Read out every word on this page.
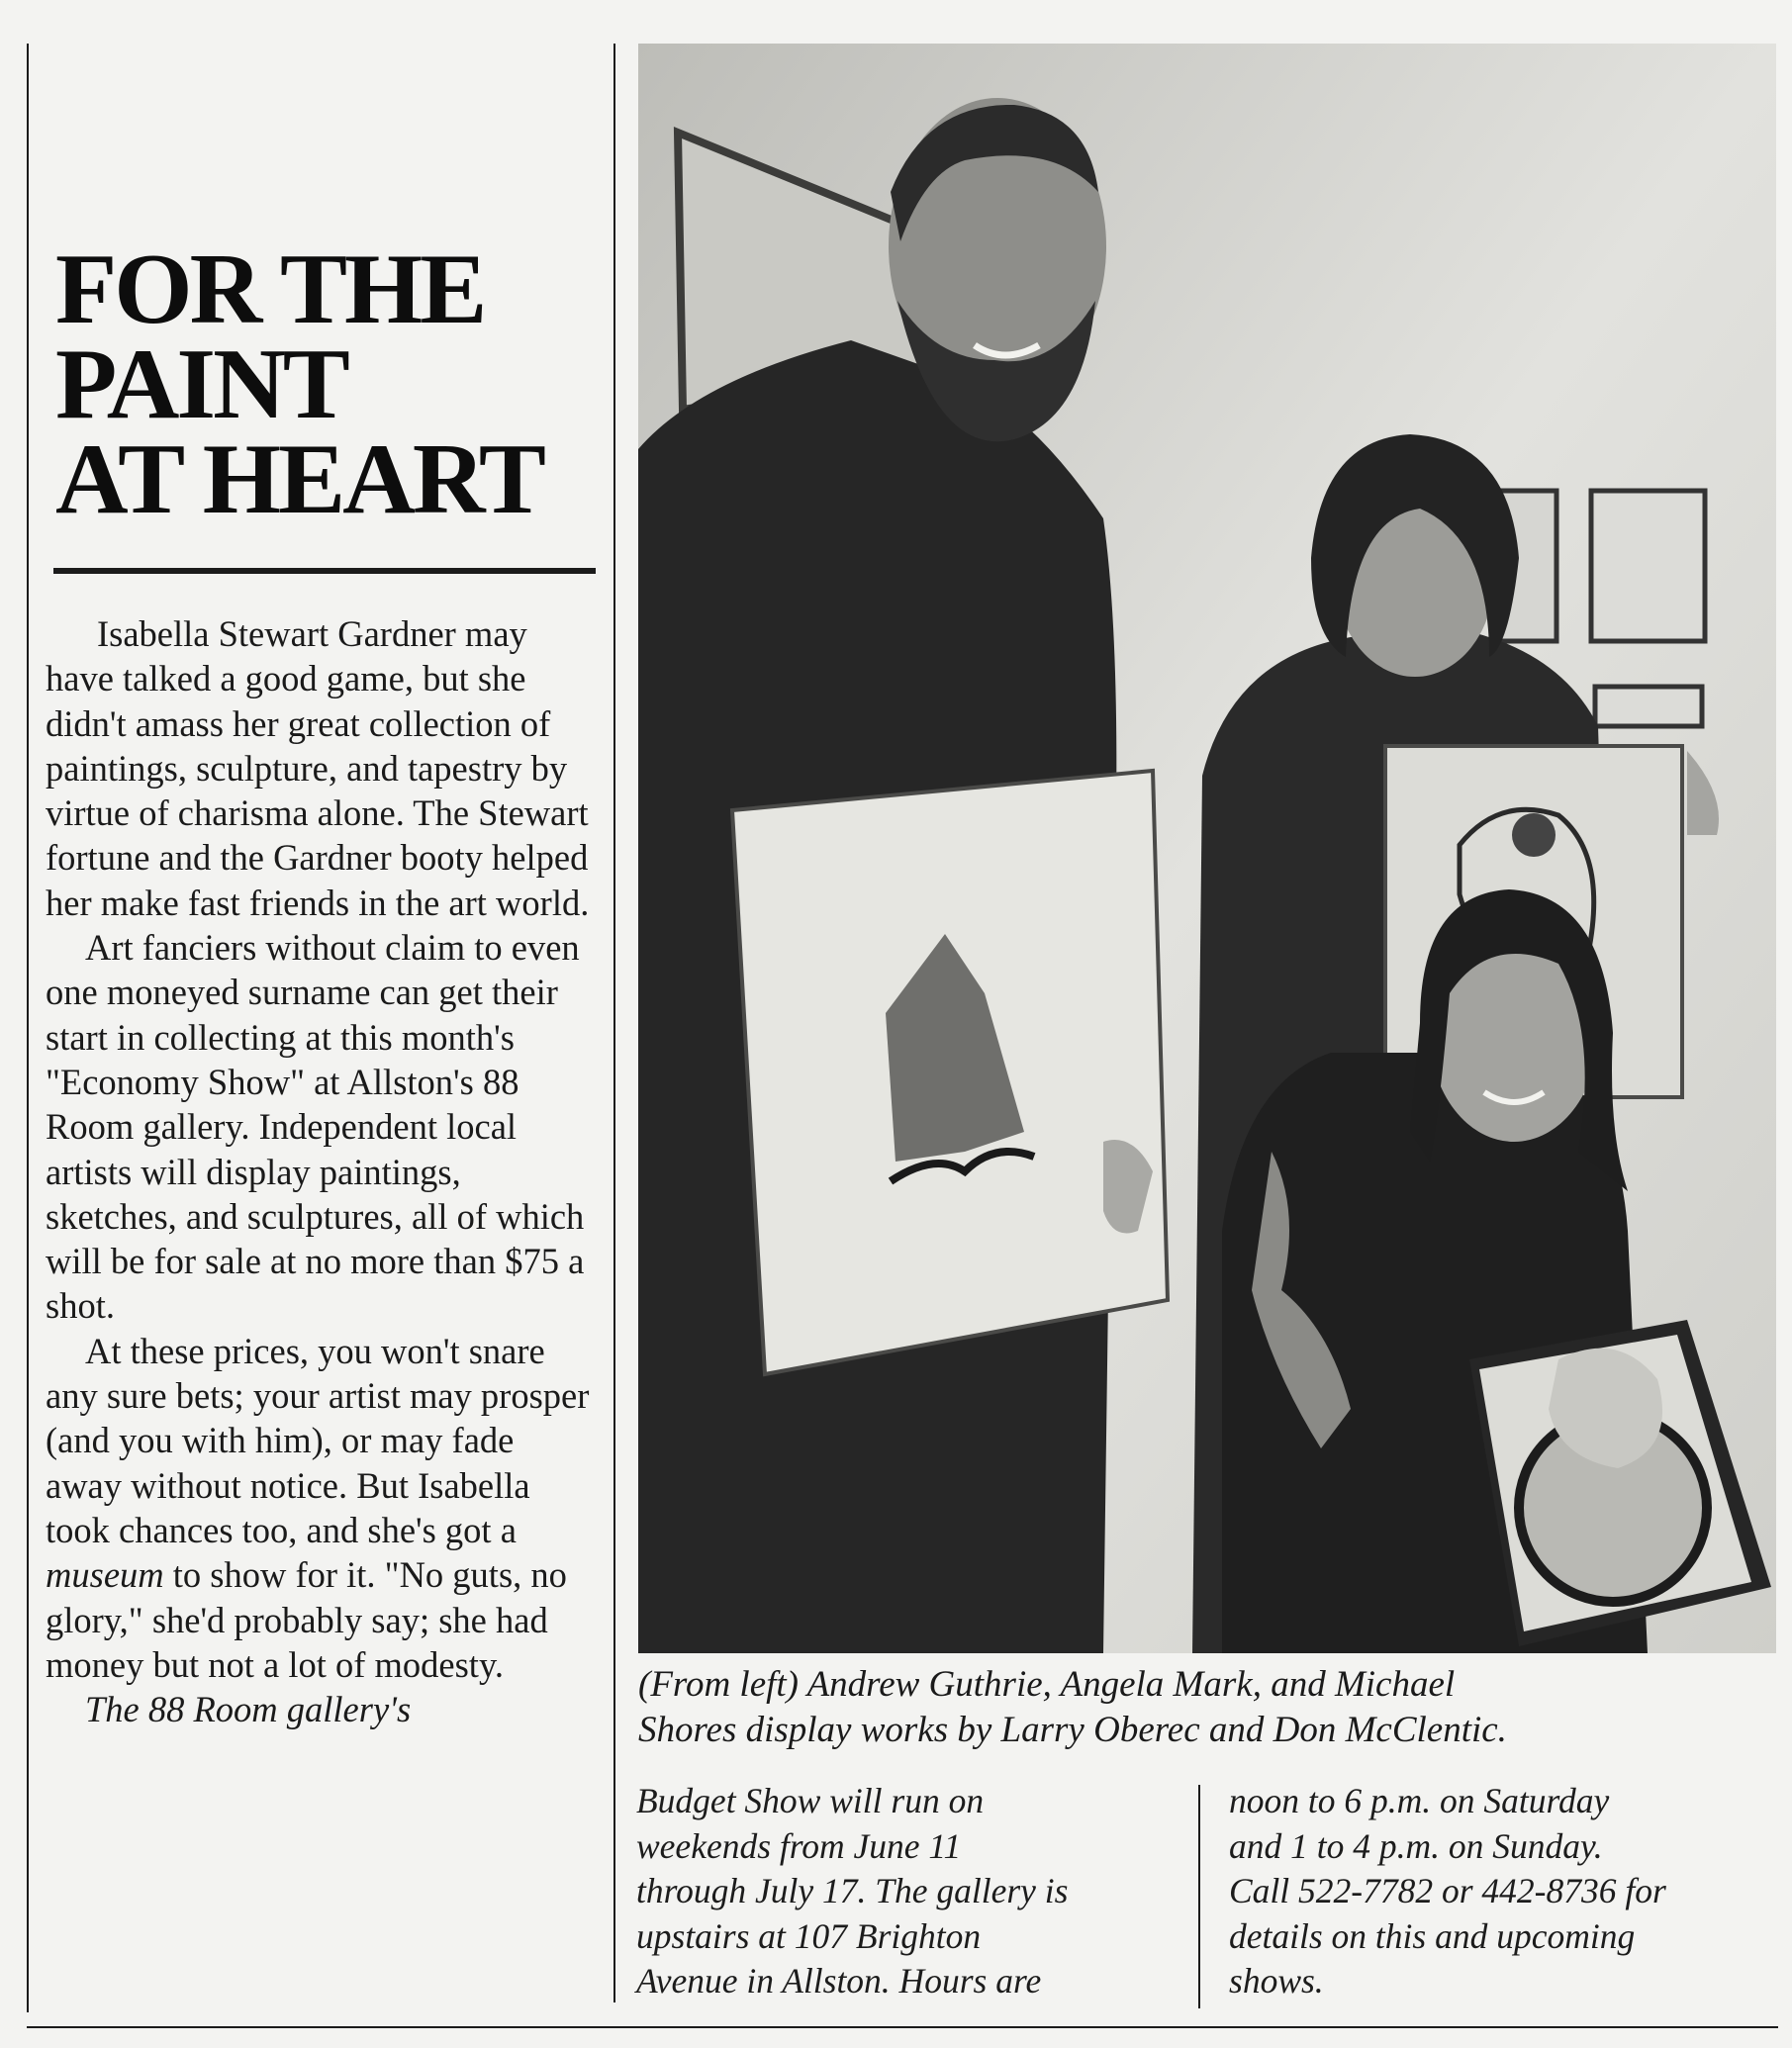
FOR THE
PAINT
AT HEART

Isabella Stewart Gardner may have talked a good game, but she didn't amass her great collection of paintings, sculpture, and tapestry by virtue of charisma alone. The Stewart fortune and the Gardner booty helped her make fast friends in the art world.

Art fanciers without claim to even one moneyed surname can get their start in collecting at this month's "Economy Show" at Allston's 88 Room gallery. Independent local artists will display paintings, sketches, and sculptures, all of which will be for sale at no more than $75 a shot.

At these prices, you won't snare any sure bets; your artist may prosper (and you with him), or may fade away without notice. But Isabella took chances too, and she's got a museum to show for it. "No guts, no glory," she'd probably say; she had money but not a lot of modesty.

The 88 Room gallery's

(From left) Andrew Guthrie, Angela Mark, and Michael
Shores display works by Larry Oberec and Don McClentic.
Budget Show will run on
weekends from June 11
through July 17. The gallery is
upstairs at 107 Brighton
Avenue in Allston. Hours are
noon to 6 p.m. on Saturday
and 1 to 4 p.m. on Sunday.
Call 522-7782 or 442-8736 for
details on this and upcoming
shows.
